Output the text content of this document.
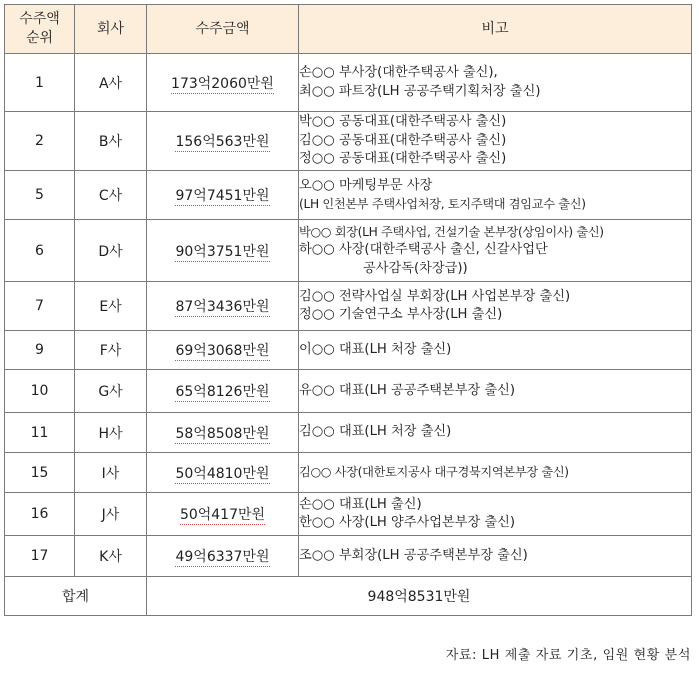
수주액
순위	회사	수주금액	비고
1	A사	173억2060만원	손○○ 부사장(대한주택공사 출신),
최○○ 파트장(LH 공공주택기획처장 출신)

2	B사	156억563만원	박○○ 공동대표(대한주택공사 출신)
김○○ 공동대표(대한주택공사 출신)
정○○ 공동대표(대한주택공사 출신)

5	C사	97억7451만원	오○○ 마케팅부문 사장
(LH 인천본부 주택사업처장, 토지주택대 겸임교수 출신)

6	D사	90억3751만원	박○○ 회장(LH 주택사업, 건설기술 본부장(상임이사) 출신)
하○○ 사장(대한주택공사 출신, 신갈사업단
공사감독(차장급))

7	E사	87억3436만원	김○○ 전략사업실 부회장(LH 사업본부장 출신)
정○○ 기술연구소 부사장(LH 출신)

9	F사	69억3068만원	이○○ 대표(LH 처장 출신)

10	G사	65억8126만원	유○○ 대표(LH 공공주택본부장 출신)

11	H사	58억8508만원	김○○ 대표(LH 처장 출신)

15	I사	50억4810만원	김○○ 사장(대한토지공사 대구경북지역본부장 출신)

16	J사	50억417만원	손○○ 대표(LH 출신)
한○○ 사장(LH 양주사업본부장 출신)

17	K사	49억6337만원	조○○ 부회장(LH 공공주택본부장 출신)

합계		948억8531만원	
자료: LH 제출 자료 기초, 임원 현황 분석
